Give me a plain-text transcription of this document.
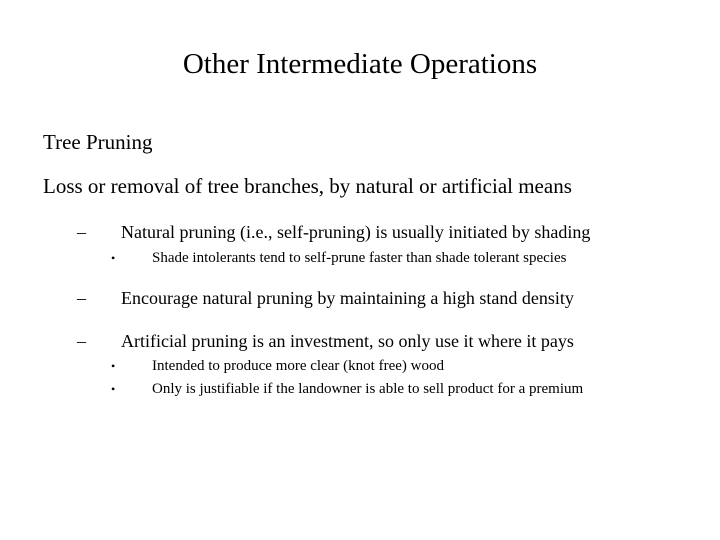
Other Intermediate Operations
Tree Pruning
Loss or removal of tree branches, by natural or artificial means
– Natural pruning (i.e., self-pruning) is usually initiated by shading
• Shade intolerants tend to self-prune faster than shade tolerant species
– Encourage natural pruning by maintaining a high stand density
– Artificial pruning is an investment, so only use it where it pays
• Intended to produce more clear (knot free) wood
• Only is justifiable if the landowner is able to sell product for a premium
